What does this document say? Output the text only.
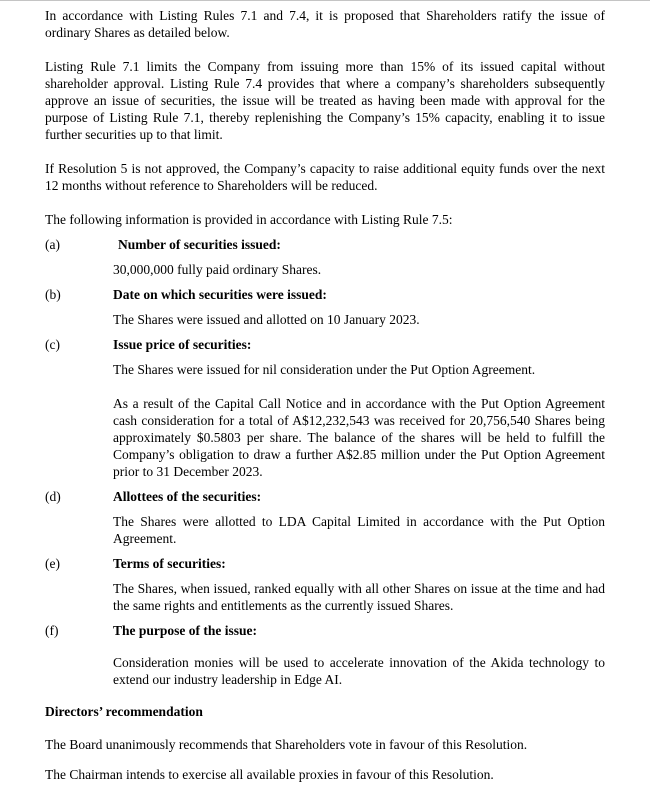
In accordance with Listing Rules 7.1 and 7.4, it is proposed that Shareholders ratify the issue of ordinary Shares as detailed below.

Listing Rule 7.1 limits the Company from issuing more than 15% of its issued capital without shareholder approval. Listing Rule 7.4 provides that where a company’s shareholders subsequently approve an issue of securities, the issue will be treated as having been made with approval for the purpose of Listing Rule 7.1, thereby replenishing the Company’s 15% capacity, enabling it to issue further securities up to that limit.

If Resolution 5 is not approved, the Company’s capacity to raise additional equity funds over the next 12 months without reference to Shareholders will be reduced.

The following information is provided in accordance with Listing Rule 7.5:

(a)	Number of securities issued:

30,000,000 fully paid ordinary Shares.

(b)	Date on which securities were issued:

The Shares were issued and allotted on 10 January 2023.

(c)	Issue price of securities:

The Shares were issued for nil consideration under the Put Option Agreement.

As a result of the Capital Call Notice and in accordance with the Put Option Agreement cash consideration for a total of A$12,232,543 was received for 20,756,540 Shares being approximately $0.5803 per share. The balance of the shares will be held to fulfill the Company’s obligation to draw a further A$2.85 million under the Put Option Agreement prior to 31 December 2023.

(d)	Allottees of the securities:

The Shares were allotted to LDA Capital Limited in accordance with the Put Option Agreement.

(e)	Terms of securities:

The Shares, when issued, ranked equally with all other Shares on issue at the time and had the same rights and entitlements as the currently issued Shares.

(f)	The purpose of the issue:

Consideration monies will be used to accelerate innovation of the Akida technology to extend our industry leadership in Edge AI.

Directors’ recommendation

The Board unanimously recommends that Shareholders vote in favour of this Resolution.

The Chairman intends to exercise all available proxies in favour of this Resolution.
